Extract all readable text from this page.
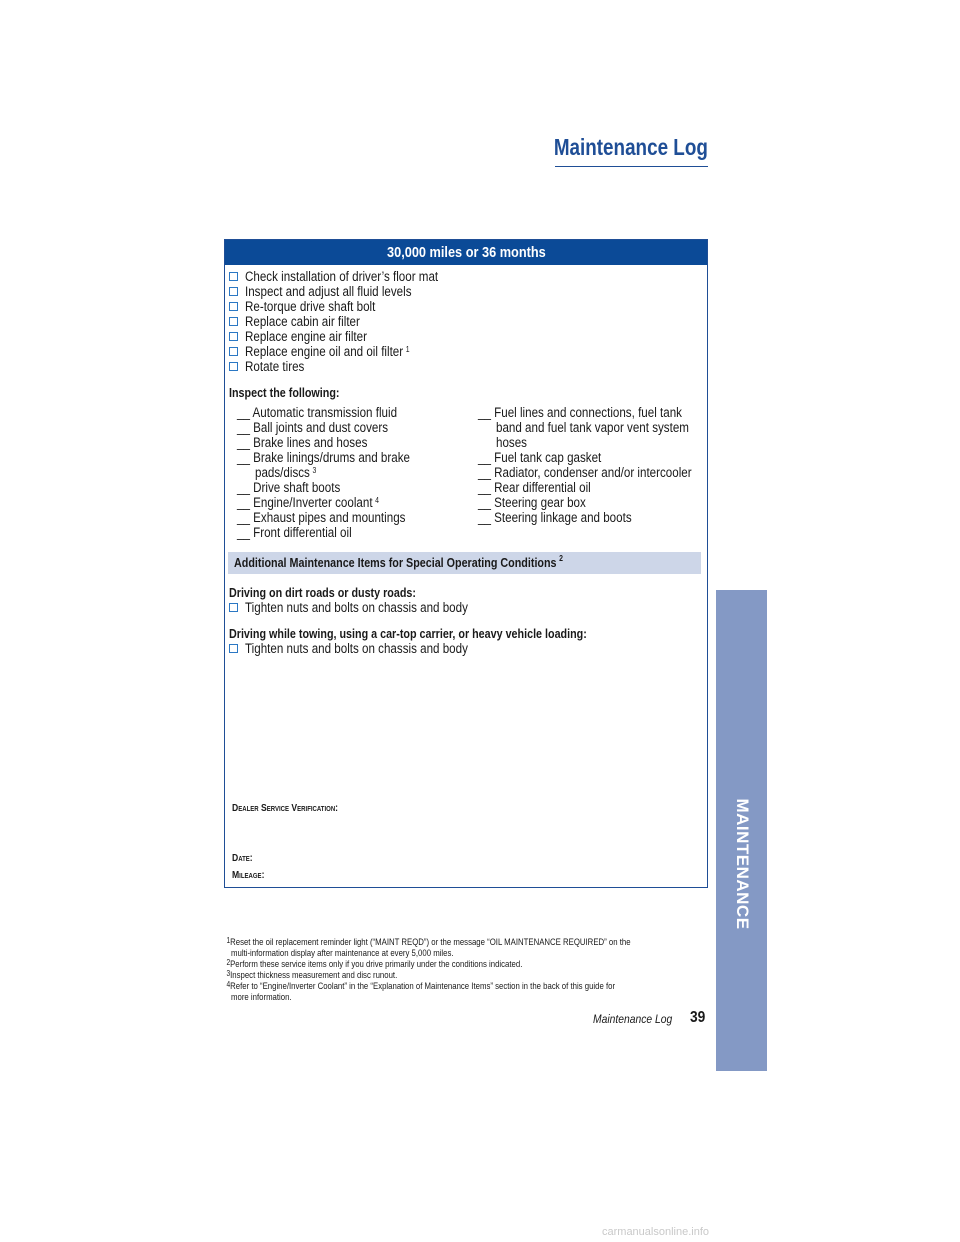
Maintenance Log
30,000 miles or 36 months
Check installation of driver’s floor mat
Inspect and adjust all fluid levels
Re-torque drive shaft bolt
Replace cabin air filter
Replace engine air filter
Replace engine oil and oil filter $^1$
Rotate tires
Inspect the following:
__ Automatic transmission fluid
__ Ball joints and dust covers
__ Brake lines and hoses
__ Brake linings/drums and brake
pads/discs $^3$
__ Drive shaft boots
__ Engine/Inverter coolant $^4$
__ Exhaust pipes and mountings
__ Front differential oil
__ Fuel lines and connections, fuel tank
band and fuel tank vapor vent system
hoses
__ Fuel tank cap gasket
__ Radiator, condenser and/or intercooler
__ Rear differential oil
__ Steering gear box
__ Steering linkage and boots
Additional Maintenance Items for Special Operating Conditions $^2$
Driving on dirt roads or dusty roads:
Tighten nuts and bolts on chassis and body
Driving while towing, using a car-top carrier, or heavy vehicle loading:
Tighten nuts and bolts on chassis and body
Dealer Service Verification:
Date:
Mileage:
$^1$Reset the oil replacement reminder light (“MAINT REQD”) or the message “OIL MAINTENANCE REQUIRED” on the
multi-information display after maintenance at every 5,000 miles.
$^2$Perform these service items only if you drive primarily under the conditions indicated.
$^3$Inspect thickness measurement and disc runout.
$^4$Refer to “Engine/Inverter Coolant” in the “Explanation of Maintenance Items” section in the back of this guide for
more information.
Maintenance Log 39
MAINTENANCE
carmanualsonline.info
